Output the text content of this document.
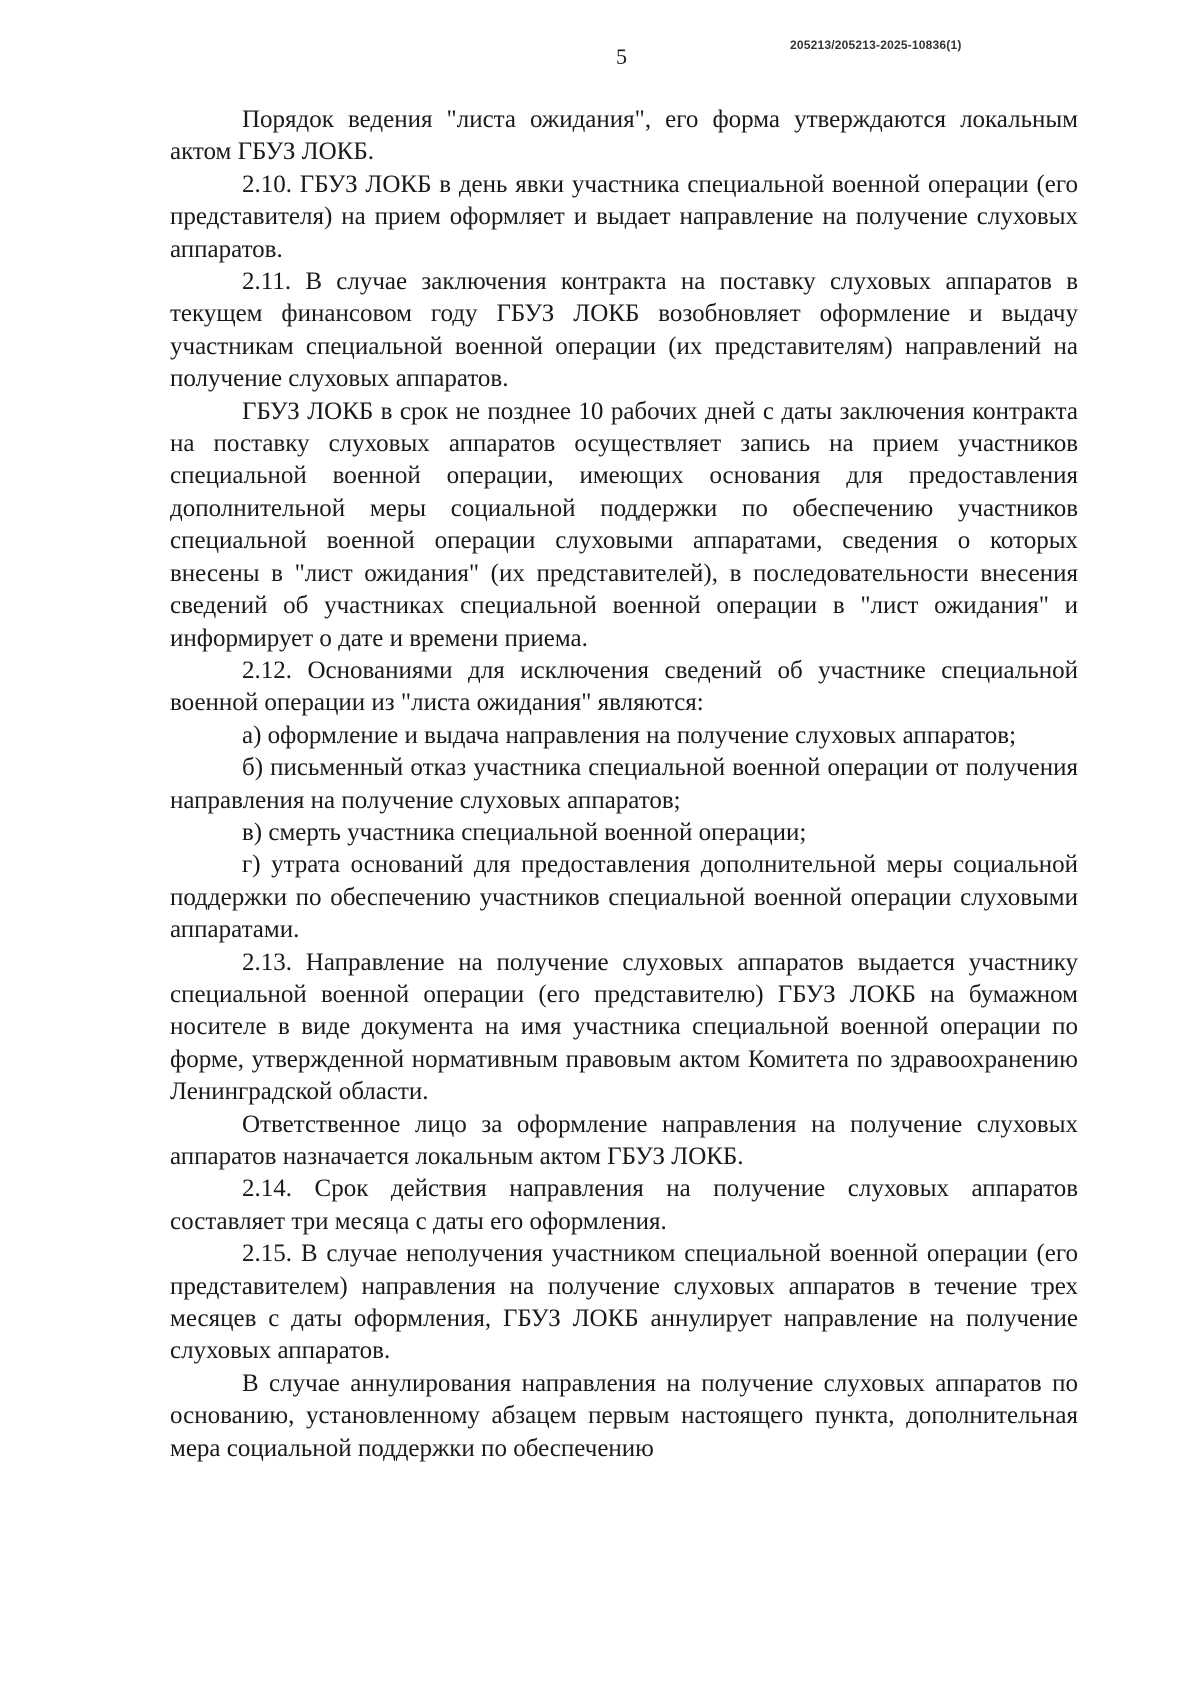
205213/205213-2025-10836(1)
5

Порядок ведения "листа ожидания", его форма утверждаются локальным актом ГБУЗ ЛОКБ.

2.10. ГБУЗ ЛОКБ в день явки участника специальной военной операции (его представителя) на прием оформляет и выдает направление на получение слуховых аппаратов.

2.11. В случае заключения контракта на поставку слуховых аппаратов в текущем финансовом году ГБУЗ ЛОКБ возобновляет оформление и выдачу участникам специальной военной операции (их представителям) направлений на получение слуховых аппаратов.

ГБУЗ ЛОКБ в срок не позднее 10 рабочих дней с даты заключения контракта на поставку слуховых аппаратов осуществляет запись на прием участников специальной военной операции, имеющих основания для предоставления дополнительной меры социальной поддержки по обеспечению участников специальной военной операции слуховыми аппаратами, сведения о которых внесены в "лист ожидания" (их представителей), в последовательности внесения сведений об участниках специальной военной операции в "лист ожидания" и информирует о дате и времени приема.

2.12. Основаниями для исключения сведений об участнике специальной военной операции из "листа ожидания" являются:

а) оформление и выдача направления на получение слуховых аппаратов;

б) письменный отказ участника специальной военной операции от получения направления на получение слуховых аппаратов;

в) смерть участника специальной военной операции;

г) утрата оснований для предоставления дополнительной меры социальной поддержки по обеспечению участников специальной военной операции слуховыми аппаратами.

2.13. Направление на получение слуховых аппаратов выдается участнику специальной военной операции (его представителю) ГБУЗ ЛОКБ на бумажном носителе в виде документа на имя участника специальной военной операции по форме, утвержденной нормативным правовым актом Комитета по здравоохранению Ленинградской области.

Ответственное лицо за оформление направления на получение слуховых аппаратов назначается локальным актом ГБУЗ ЛОКБ.

2.14. Срок действия направления на получение слуховых аппаратов составляет три месяца с даты его оформления.

2.15. В случае неполучения участником специальной военной операции (его представителем) направления на получение слуховых аппаратов в течение трех месяцев с даты оформления, ГБУЗ ЛОКБ аннулирует направление на получение слуховых аппаратов.

В случае аннулирования направления на получение слуховых аппаратов по основанию, установленному абзацем первым настоящего пункта, дополнительная мера социальной поддержки по обеспечению
